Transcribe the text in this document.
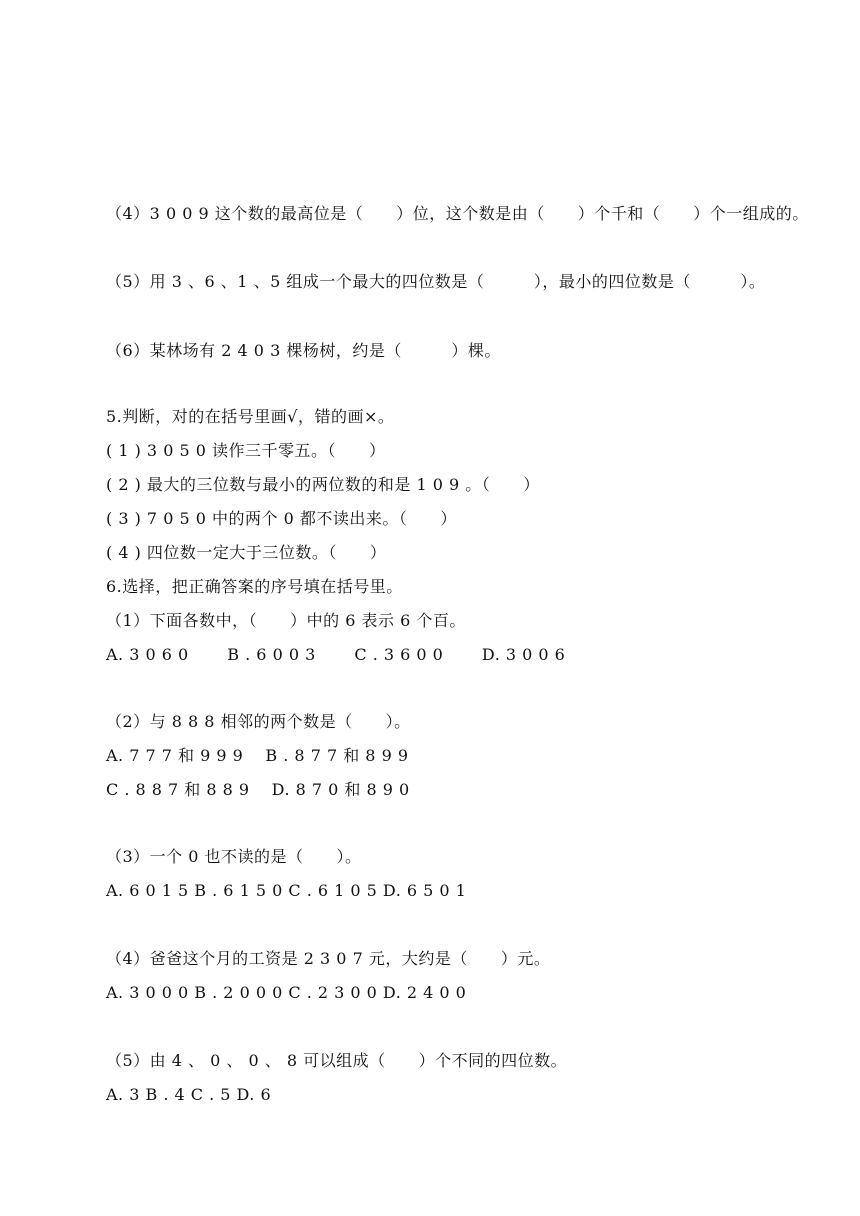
（4）3 0 0 9 这个数的最高位是（　　）位，这个数是由（　　）个千和（　　）个一组成的。
（5）用 3 、6 、1 、5 组成一个最大的四位数是（　　　），最小的四位数是（　　　）。
（6）某林场有 2 4 0 3 棵杨树，约是（　　　）棵。
5.判断，对的在括号里画√，错的画×。
( 1 ) 3 0 5 0 读作三千零五。（　　）
( 2 ) 最大的三位数与最小的两位数的和是 1 0 9 。（　　）
( 3 ) 7 0 5 0 中的两个 0 都不读出来。（　　）
( 4 ) 四位数一定大于三位数。（　　）
6.选择，把正确答案的序号填在括号里。
（1）下面各数中，（　　）中的 6 表示 6 个百。
A. 3 0 6 0　　 B . 6 0 0 3　　 C . 3 6 0 0　　 D. 3 0 0 6
（2）与 8 8 8 相邻的两个数是（　　）。
A. 7 7 7 和 9 9 9　 B . 8 7 7 和 8 9 9
C . 8 8 7 和 8 8 9　 D. 8 7 0 和 8 9 0
（3）一个 0 也不读的是（　　）。
A. 6 0 1 5 B . 6 1 5 0 C . 6 1 0 5 D. 6 5 0 1
（4）爸爸这个月的工资是 2 3 0 7 元，大约是（　　）元。
A. 3 0 0 0 B . 2 0 0 0 C . 2 3 0 0 D. 2 4 0 0
（5）由 4 、 0 、 0 、 8 可以组成（　　）个不同的四位数。
A. 3 B . 4 C . 5 D. 6
